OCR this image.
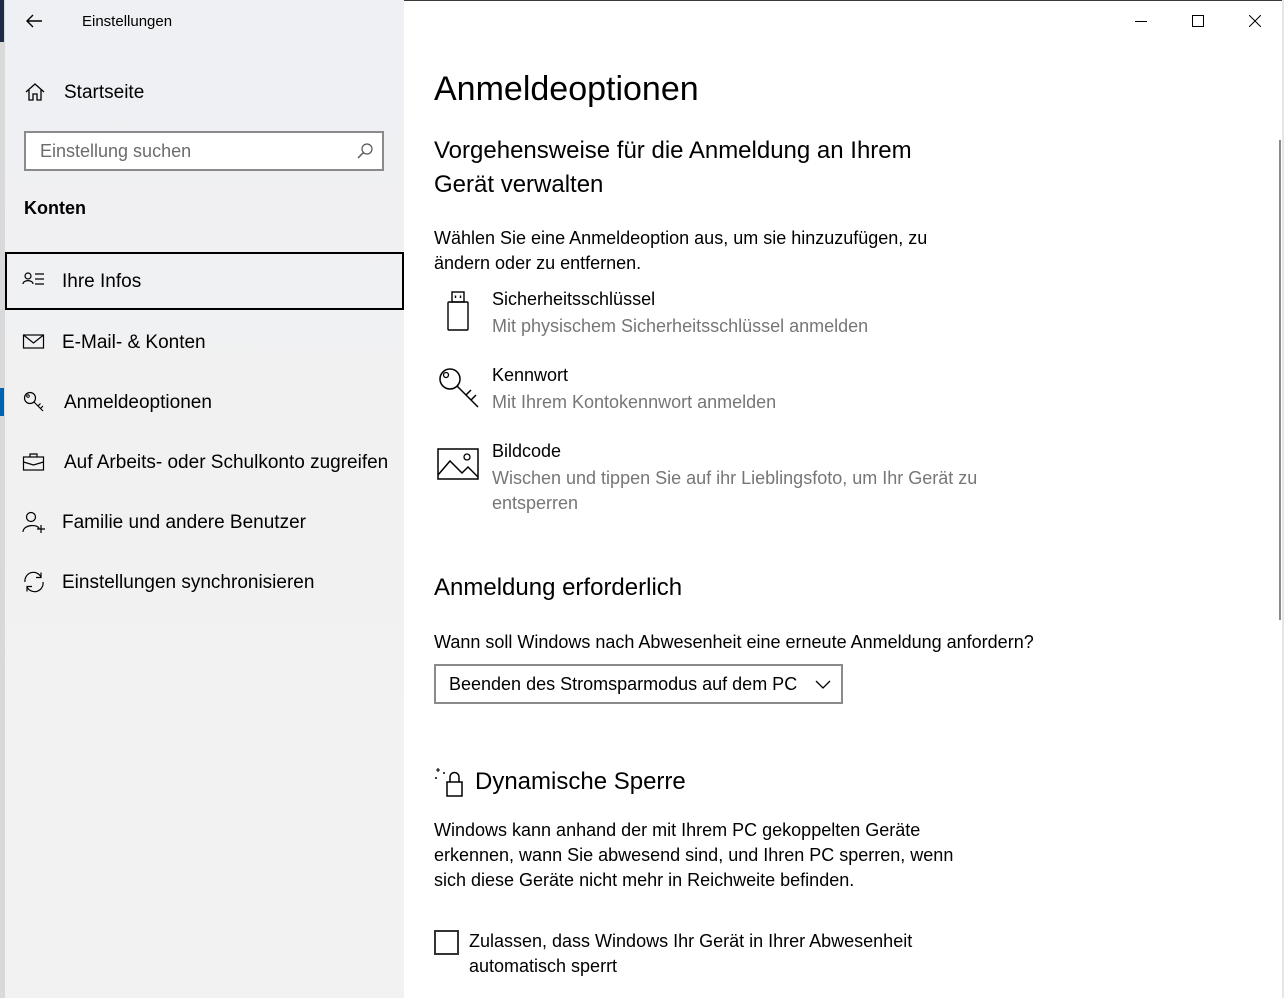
Einstellungen
Startseite
Einstellung suchen
Konten
Ihre Infos
E-Mail- & Konten
Anmeldeoptionen
Auf Arbeits- oder Schulkonto zugreifen
Familie und andere Benutzer
Einstellungen synchronisieren
Anmeldeoptionen
Vorgehensweise für die Anmeldung an Ihrem Gerät verwalten
Wählen Sie eine Anmeldeoption aus, um sie hinzuzufügen, zu ändern oder zu entfernen.
Sicherheitsschlüssel
Mit physischem Sicherheitsschlüssel anmelden
Kennwort
Mit Ihrem Kontokennwort anmelden
Bildcode
Wischen und tippen Sie auf ihr Lieblingsfoto, um Ihr Gerät zu entsperren
Anmeldung erforderlich
Wann soll Windows nach Abwesenheit eine erneute Anmeldung anfordern?
Beenden des Stromsparmodus auf dem PC
Dynamische Sperre
Windows kann anhand der mit Ihrem PC gekoppelten Geräte erkennen, wann Sie abwesend sind, und Ihren PC sperren, wenn sich diese Geräte nicht mehr in Reichweite befinden.
Zulassen, dass Windows Ihr Gerät in Ihrer Abwesenheit automatisch sperrt
